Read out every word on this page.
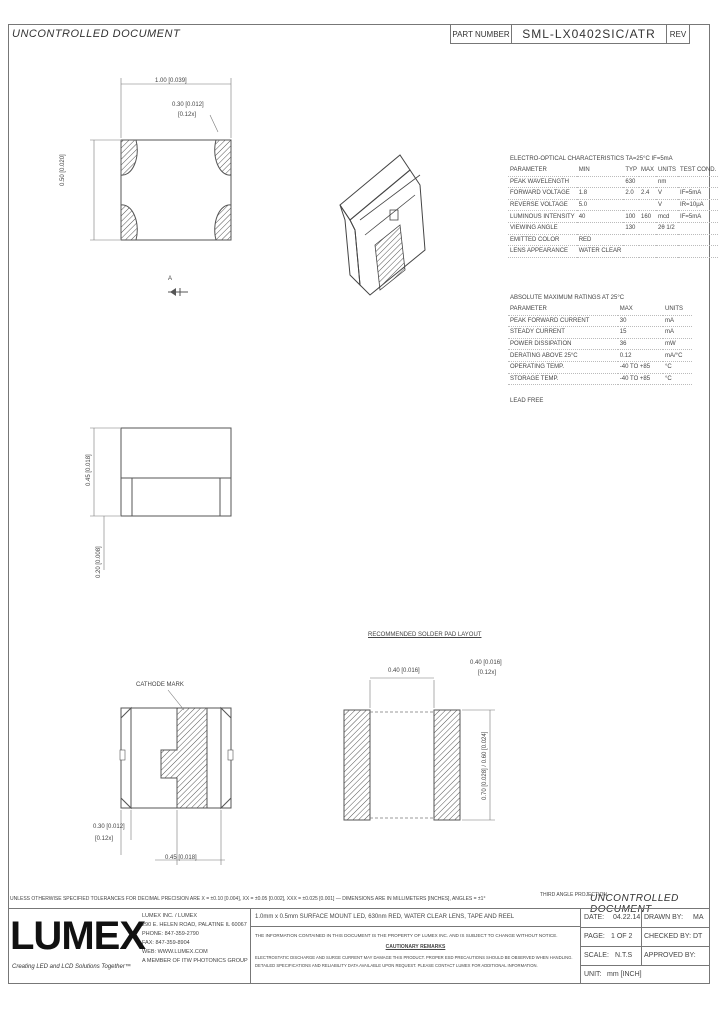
UNCONTROLLED DOCUMENT	PART NUMBER	SML-LX0402SIC/ATR	REV
1.00 [0.039]
0.30 [0.012]
[0.12x]
0.50 [0.020]
A
ELECTRO-OPTICAL CHARACTERISTICS TA=25°C IF=5mA
PARAMETER	MIN	TYP	MAX	UNITS	TEST COND.
PEAK WAVELENGTH		630		nm	
FORWARD VOLTAGE	1.8	2.0	2.4	V	IF=5mA
REVERSE VOLTAGE	5.0			V	IR=10µA
LUMINOUS INTENSITY	40	100	160	mcd	IF=5mA
VIEWING ANGLE		130		2θ 1/2	
EMITTED COLOR	RED				
LENS APPEARANCE	WATER CLEAR				
ABSOLUTE MAXIMUM RATINGS AT 25°C
PARAMETER	MAX	UNITS
PEAK FORWARD CURRENT	30	mA
STEADY CURRENT	15	mA
POWER DISSIPATION	36	mW
DERATING ABOVE 25°C	0.12	mA/°C
OPERATING TEMP.	-40 TO +85	°C
STORAGE TEMP.	-40 TO +85	°C
LEAD FREE
0.45 [0.018]
0.20 [0.008]
CATHODE MARK
0.30 [0.012]
[0.12x]
0.45 [0.018]
RECOMMENDED SOLDER PAD LAYOUT
0.40 [0.016]
0.40 [0.016]
[0.12x]
0.70 [0.028] / 0.60 [0.024]
UNLESS OTHERWISE SPECIFIED TOLERANCES FOR DECIMAL PRECISION ARE X = ±0.10 [0.004], XX = ±0.05 [0.002], XXX = ±0.025 [0.001] — DIMENSIONS ARE IN MILLIMETERS [INCHES], ANGLES = ±1°
THIRD ANGLE PROJECTION
UNCONTROLLED DOCUMENT
LUMEX
Creating LED and LCD Solutions Together™
LUMEX INC. / LUMEX
290 E. HELEN ROAD, PALATINE IL 60067
PHONE: 847-359-2790
FAX: 847-359-8904
WEB: WWW.LUMEX.COM
A MEMBER OF ITW PHOTONICS GROUP
1.0mm x 0.5mm SURFACE MOUNT LED, 630nm RED, WATER CLEAR LENS, TAPE AND REEL
THE INFORMATION CONTAINED IN THIS DOCUMENT IS THE PROPERTY OF LUMEX INC. AND IS SUBJECT TO CHANGE WITHOUT NOTICE.
CAUTIONARY REMARKS
ELECTROSTATIC DISCHARGE AND SURGE CURRENT MAY DAMAGE THIS PRODUCT. PROPER ESD PRECAUTIONS SHOULD BE OBSERVED WHEN HANDLING.
DETAILED SPECIFICATIONS AND RELIABILITY DATA AVAILABLE UPON REQUEST. PLEASE CONTACT LUMEX FOR ADDITIONAL INFORMATION.
DATE: 04.22.14 DRAWN BY: MA
PAGE: 1 OF 2 CHECKED BY: DT
SCALE: N.T.S APPROVED BY:
UNIT: mm [INCH]
